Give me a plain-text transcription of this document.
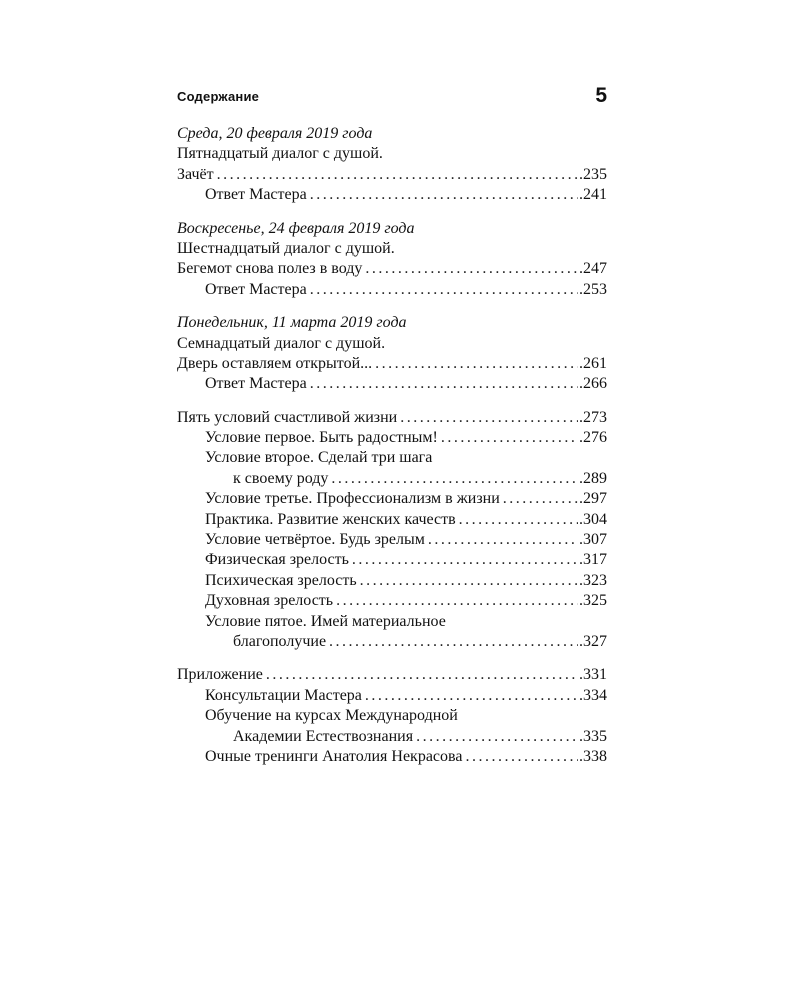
Содержание	5
Среда, 20 февраля 2019 года
Пятнадцатый диалог с душой.
Зачёт . . .	.235
Ответ Мастера . . .	.241
Воскресенье, 24 февраля 2019 года
Шестнадцатый диалог с душой.
Бегемот снова полез в воду . . .	.247
Ответ Мастера . . .	.253
Понедельник, 11 марта 2019 года
Семнадцатый диалог с душой.
Дверь оставляем открытой... . . .	.261
Ответ Мастера . . .	.266
Пять условий счастливой жизни . . .	.273
Условие первое. Быть радостным! . . .	.276
Условие второе. Сделай три шага
к своему роду . . .	.289
Условие третье. Профессионализм в жизни . . .	.297
Практика. Развитие женских качеств . . .	.304
Условие четвёртое. Будь зрелым . . .	.307
Физическая зрелость . . .	.317
Психическая зрелость . . .	.323
Духовная зрелость . . .	.325
Условие пятое. Имей материальное
благополучие . . .	.327
Приложение . . .	.331
Консультации Мастера . . .	.334
Обучение на курсах Международной
Академии Естествознания . . .	.335
Очные тренинги Анатолия Некрасова . . .	.338
